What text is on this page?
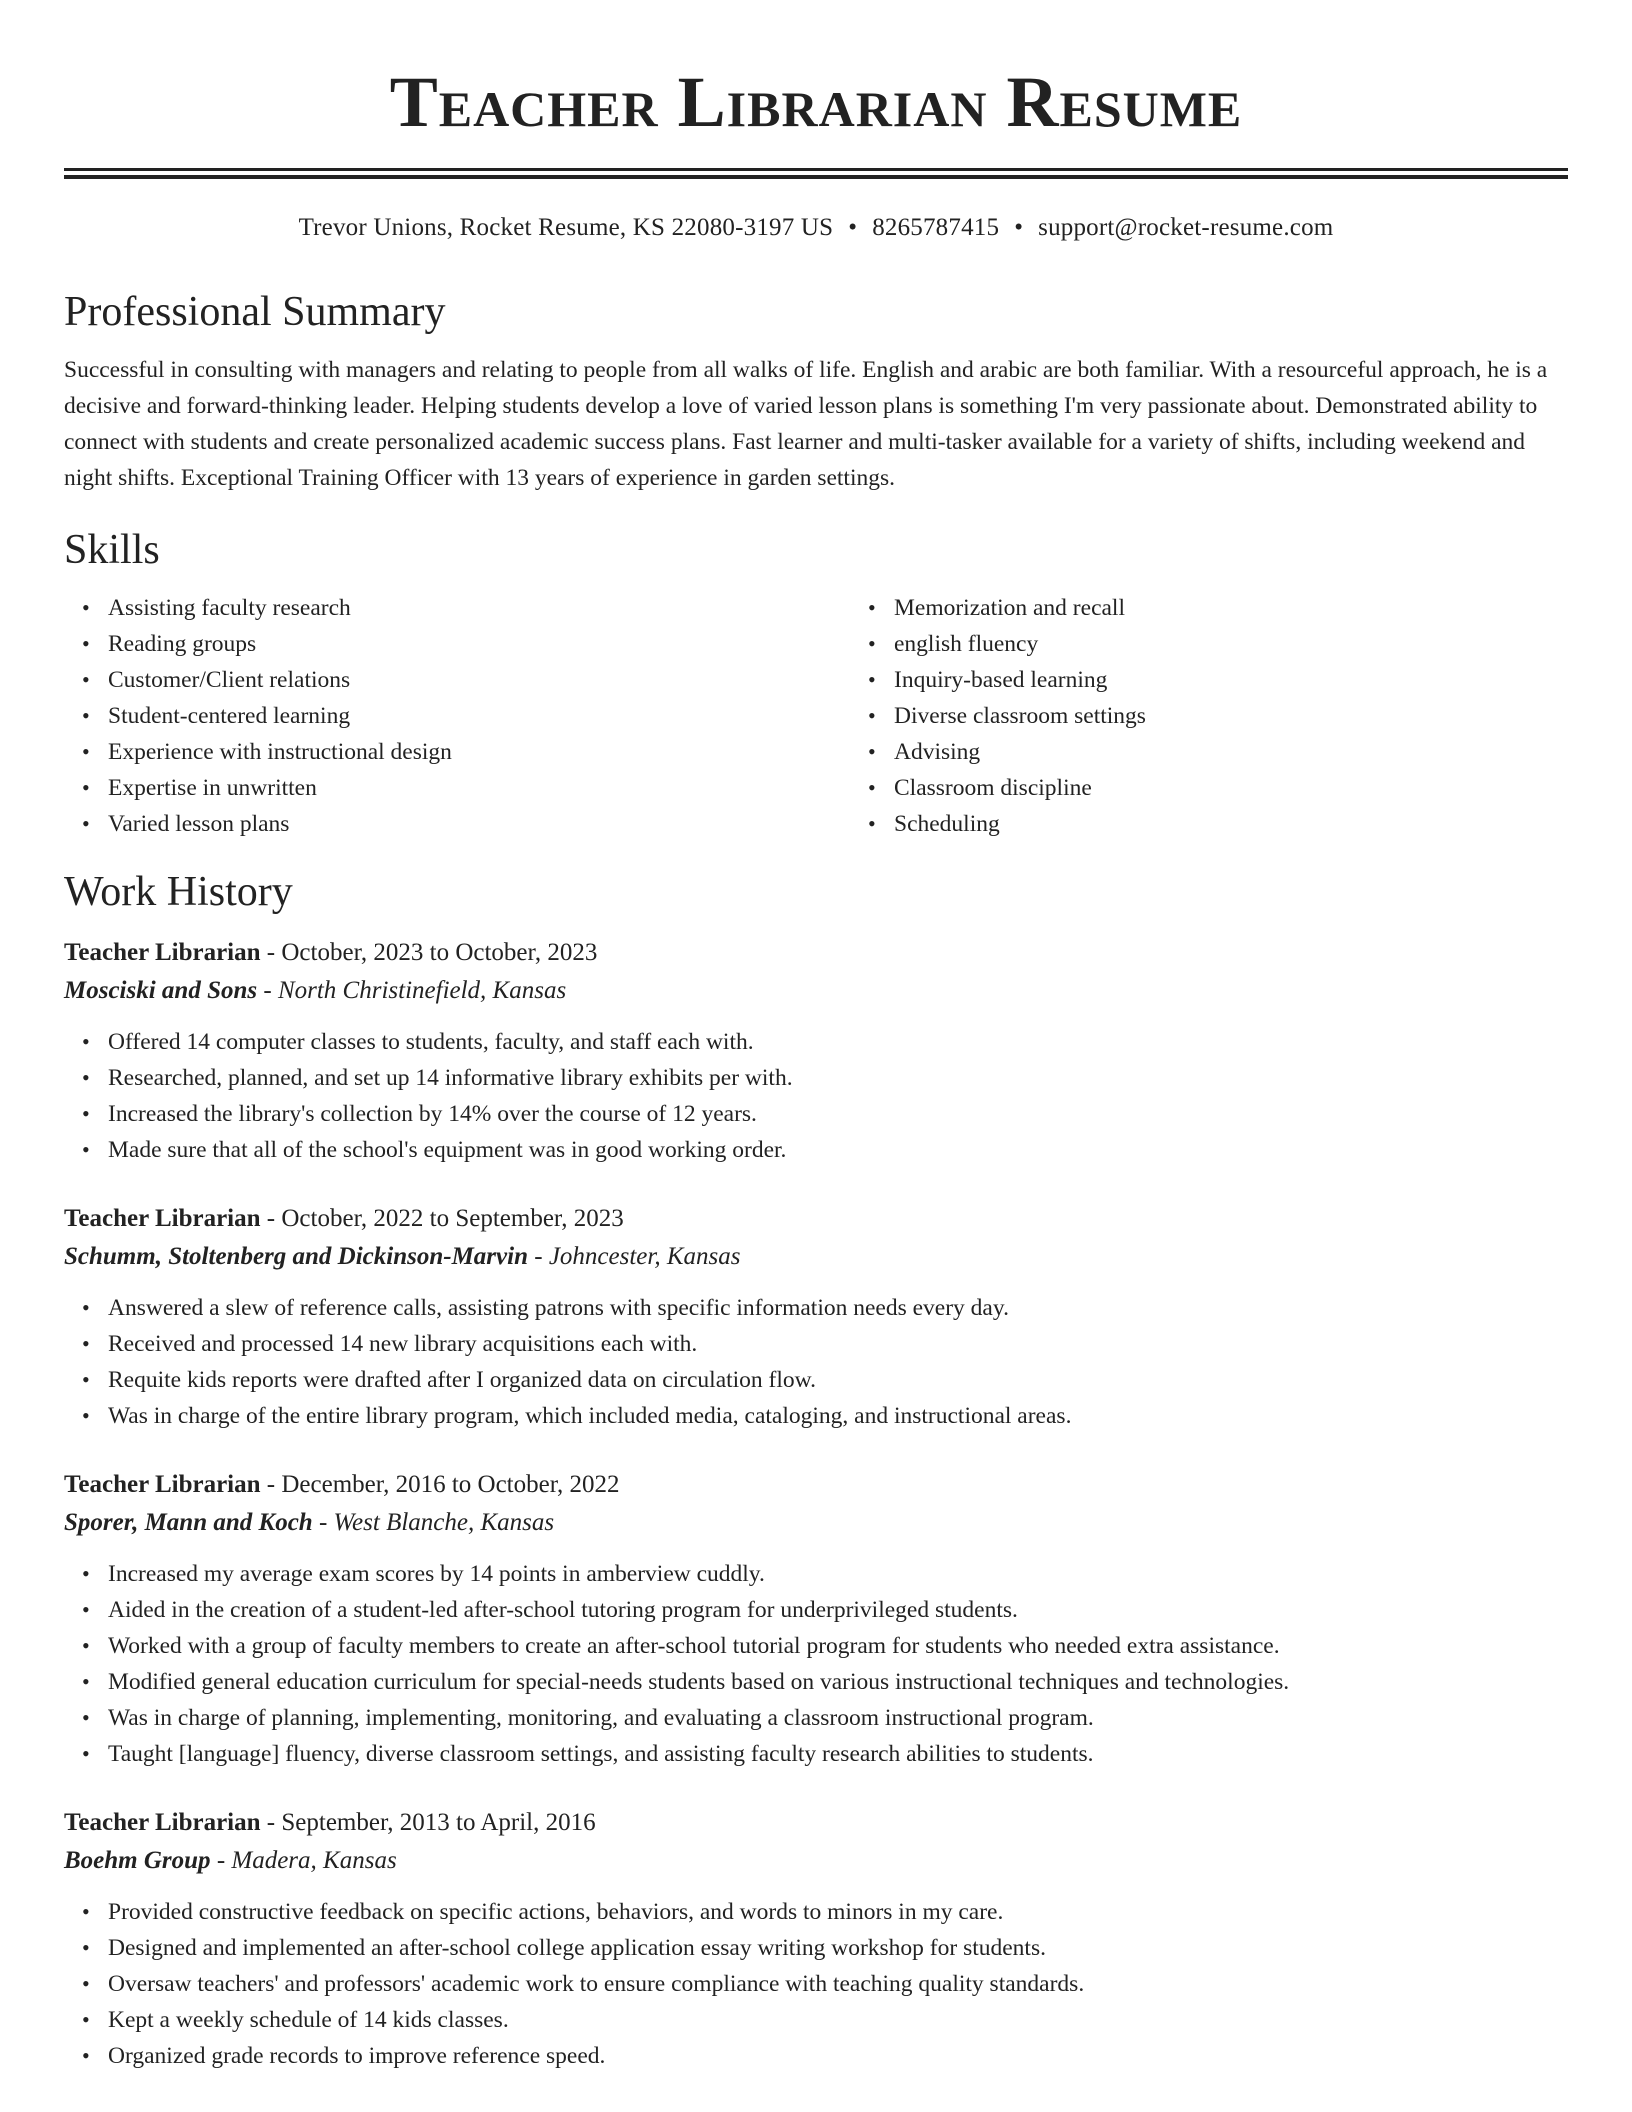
Teacher Librarian Resume
Trevor Unions, Rocket Resume, KS 22080-3197 US • 8265787415 • support@rocket-resume.com
Professional Summary

Successful in consulting with managers and relating to people from all walks of life. English and arabic are both familiar. With a resourceful approach, he is a decisive and forward-thinking leader. Helping students develop a love of varied lesson plans is something I'm very passionate about. Demonstrated ability to connect with students and create personalized academic success plans. Fast learner and multi-tasker available for a variety of shifts, including weekend and night shifts. Exceptional Training Officer with 13 years of experience in garden settings.

Skills
• Assisting faculty research
• Reading groups
• Customer/Client relations
• Student-centered learning
• Experience with instructional design
• Expertise in unwritten
• Varied lesson plans
• Memorization and recall
• english fluency
• Inquiry-based learning
• Diverse classroom settings
• Advising
• Classroom discipline
• Scheduling
Work History
Teacher Librarian - October, 2023 to October, 2023
Mosciski and Sons - North Christinefield, Kansas
• Offered 14 computer classes to students, faculty, and staff each with.
• Researched, planned, and set up 14 informative library exhibits per with.
• Increased the library's collection by 14% over the course of 12 years.
• Made sure that all of the school's equipment was in good working order.
Teacher Librarian - October, 2022 to September, 2023
Schumm, Stoltenberg and Dickinson-Marvin - Johncester, Kansas
• Answered a slew of reference calls, assisting patrons with specific information needs every day.
• Received and processed 14 new library acquisitions each with.
• Requite kids reports were drafted after I organized data on circulation flow.
• Was in charge of the entire library program, which included media, cataloging, and instructional areas.
Teacher Librarian - December, 2016 to October, 2022
Sporer, Mann and Koch - West Blanche, Kansas
• Increased my average exam scores by 14 points in amberview cuddly.
• Aided in the creation of a student-led after-school tutoring program for underprivileged students.
• Worked with a group of faculty members to create an after-school tutorial program for students who needed extra assistance.
• Modified general education curriculum for special-needs students based on various instructional techniques and technologies.
• Was in charge of planning, implementing, monitoring, and evaluating a classroom instructional program.
• Taught [language] fluency, diverse classroom settings, and assisting faculty research abilities to students.
Teacher Librarian - September, 2013 to April, 2016
Boehm Group - Madera, Kansas
• Provided constructive feedback on specific actions, behaviors, and words to minors in my care.
• Designed and implemented an after-school college application essay writing workshop for students.
• Oversaw teachers' and professors' academic work to ensure compliance with teaching quality standards.
• Kept a weekly schedule of 14 kids classes.
• Organized grade records to improve reference speed.
